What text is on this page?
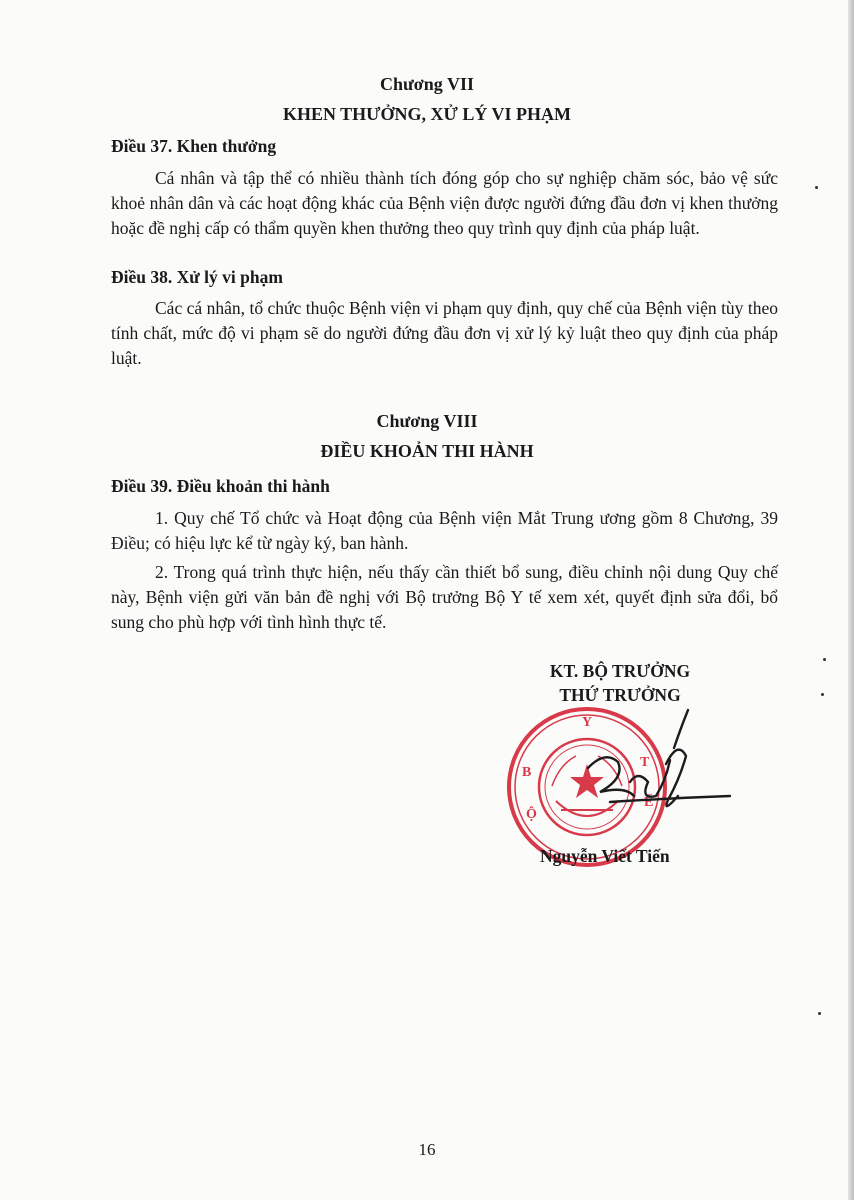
Chương VII
KHEN THƯỞNG, XỬ LÝ VI PHẠM
Điều 37. Khen thưởng

Cá nhân và tập thể có nhiều thành tích đóng góp cho sự nghiệp chăm sóc, bảo vệ sức khoẻ nhân dân và các hoạt động khác của Bệnh viện được người đứng đầu đơn vị khen thưởng hoặc đề nghị cấp có thẩm quyền khen thưởng theo quy trình quy định của pháp luật.

Điều 38. Xử lý vi phạm

Các cá nhân, tổ chức thuộc Bệnh viện vi phạm quy định, quy chế của Bệnh viện tùy theo tính chất, mức độ vi phạm sẽ do người đứng đầu đơn vị xử lý kỷ luật theo quy định của pháp luật.

Chương VIII
ĐIỀU KHOẢN THI HÀNH
Điều 39. Điều khoản thi hành

1. Quy chế Tổ chức và Hoạt động của Bệnh viện Mắt Trung ương gồm 8 Chương, 39 Điều; có hiệu lực kể từ ngày ký, ban hành.

2. Trong quá trình thực hiện, nếu thấy cần thiết bổ sung, điều chỉnh nội dung Quy chế này, Bệnh viện gửi văn bản đề nghị với Bộ trưởng Bộ Y tế xem xét, quyết định sửa đổi, bổ sung cho phù hợp với tình hình thực tế.

KT. BỘ TRƯỞNG
THỨ TRƯỞNG
Y
B
Ộ
T
Ế
Nguyễn Viết Tiến
16
